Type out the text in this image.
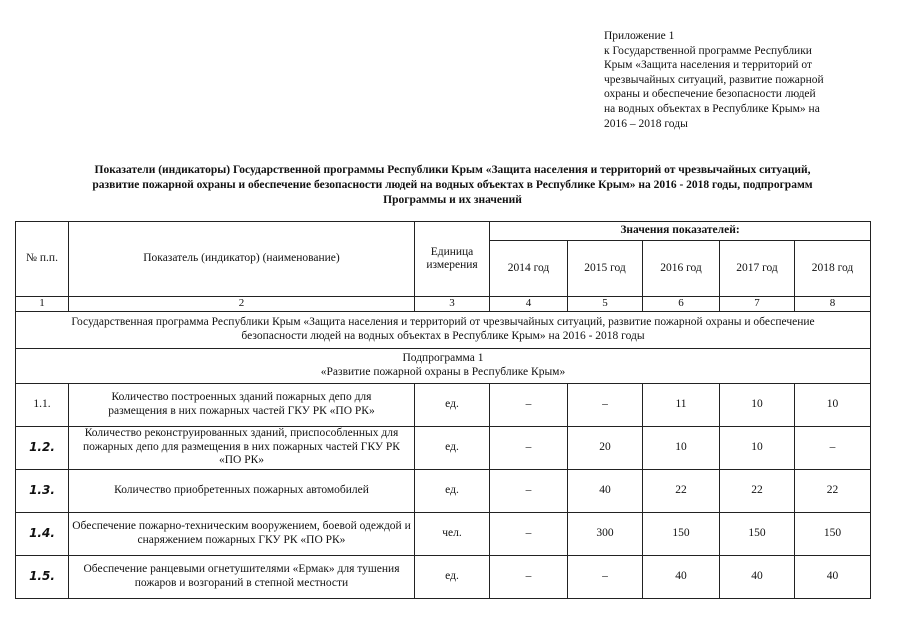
Приложение 1
к Государственной программе Республики
Крым «Защита населения и территорий от
чрезвычайных ситуаций, развитие пожарной
охраны и обеспечение безопасности людей
на водных объектах в Республике Крым» на
2016 – 2018 годы
Показатели (индикаторы) Государственной программы Республики Крым «Защита населения и территорий от чрезвычайных ситуаций,
развитие пожарной охраны и обеспечение безопасности людей на водных объектах в Республике Крым» на 2016 - 2018 годы, подпрограмм
Программы и их значений
№ п.п.	Показатель (индикатор) (наименование)	Единица измерения	Значения показателей:				
			2014 год	2015 год	2016 год	2017 год	2018 год
1	2	3	4	5	6	7	8
Государственная программа Республики Крым «Защита населения и территорий от чрезвычайных ситуаций, развитие пожарной охраны и обеспечение безопасности людей на водных объектах в Республике Крым» на 2016 - 2018 годы							

Подпрограмма 1
«Развитие пожарной охраны в Республике Крым»							

1.1.	Количество построенных зданий пожарных депо для размещения в них пожарных частей ГКУ РК «ПО РК»	ед.	–	–	11	10	10
1.2.	Количество реконструированных зданий, приспособленных для пожарных депо для размещения в них пожарных частей ГКУ РК «ПО РК»	ед.	–	20	10	10	–
1.3.	Количество приобретенных пожарных автомобилей	ед.	–	40	22	22	22
1.4.	Обеспечение пожарно-техническим вооружением, боевой одеждой и снаряжением пожарных ГКУ РК «ПО РК»	чел.	–	300	150	150	150
1.5.	Обеспечение ранцевыми огнетушителями «Ермак» для тушения пожаров и возгораний в степной местности	ед.	–	–	40	40	40
